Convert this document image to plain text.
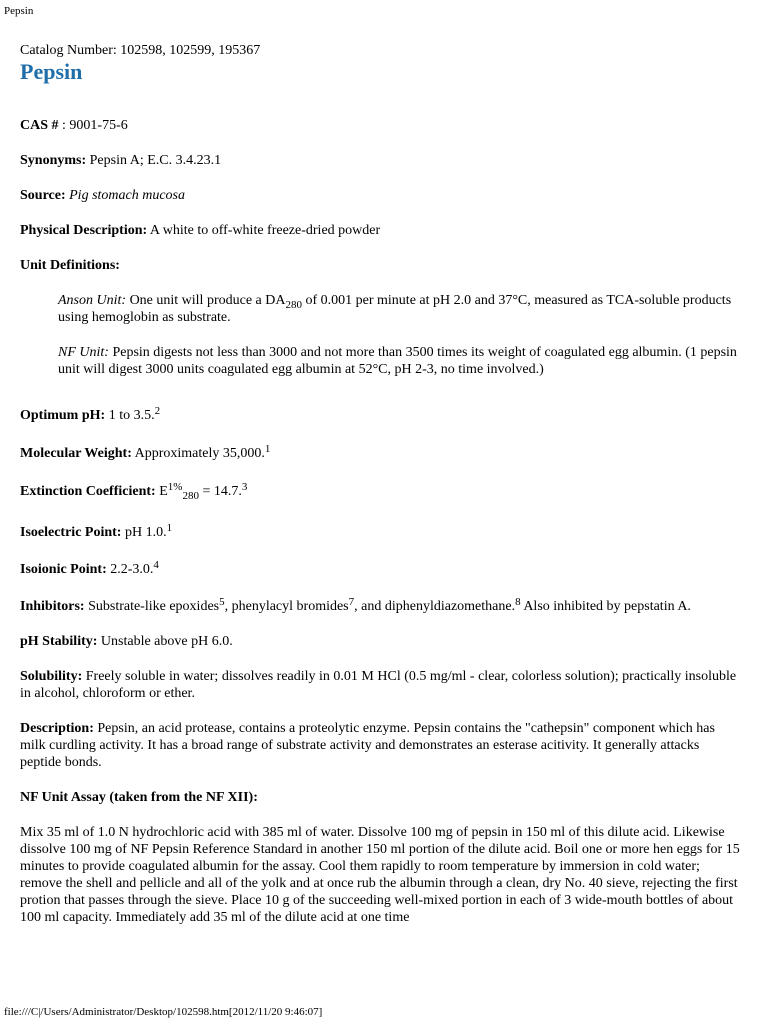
Pepsin

Catalog Number: 102598, 102599, 195367

Pepsin

CAS # : 9001-75-6

Synonyms: Pepsin A; E.C. 3.4.23.1

Source: Pig stomach mucosa

Physical Description: A white to off-white freeze-dried powder

Unit Definitions:

Anson Unit: One unit will produce a $DA_{280}$ of 0.001 per minute at pH 2.0 and 37°C, measured as TCA-soluble products using hemoglobin as substrate.

NF Unit: Pepsin digests not less than 3000 and not more than 3500 times its weight of coagulated egg albumin. (1 pepsin unit will digest 3000 units coagulated egg albumin at 52°C, pH 2-3, no time involved.)

Optimum pH: 1 to 3.5.$^2$

Molecular Weight: Approximately 35,000.$^1$

Extinction Coefficient: $E^{1\%}_{280} = 14.7.^3$

Isoelectric Point: pH 1.0.$^1$

Isoionic Point: 2.2-3.0.$^4$

Inhibitors: Substrate-like epoxides$^5$, phenylacyl bromides$^7$, and diphenyldiazomethane.$^8$ Also inhibited by pepstatin A.

pH Stability: Unstable above pH 6.0.

Solubility: Freely soluble in water; dissolves readily in 0.01 M HCl (0.5 mg/ml - clear, colorless solution); practically insoluble in alcohol, chloroform or ether.

Description: Pepsin, an acid protease, contains a proteolytic enzyme. Pepsin contains the "cathepsin" component which has milk curdling activity. It has a broad range of substrate activity and demonstrates an esterase acitivity. It generally attacks peptide bonds.

NF Unit Assay (taken from the NF XII):

Mix 35 ml of 1.0 N hydrochloric acid with 385 ml of water. Dissolve 100 mg of pepsin in 150 ml of this dilute acid. Likewise dissolve 100 mg of NF Pepsin Reference Standard in another 150 ml portion of the dilute acid. Boil one or more hen eggs for 15 minutes to provide coagulated albumin for the assay. Cool them rapidly to room temperature by immersion in cold water; remove the shell and pellicle and all of the yolk and at once rub the albumin through a clean, dry No. 40 sieve, rejecting the first protion that passes through the sieve. Place 10 g of the succeeding well-mixed portion in each of 3 wide-mouth bottles of about 100 ml capacity. Immediately add 35 ml of the dilute acid at one time

file:///C|/Users/Administrator/Desktop/102598.htm[2012/11/20 9:46:07]
